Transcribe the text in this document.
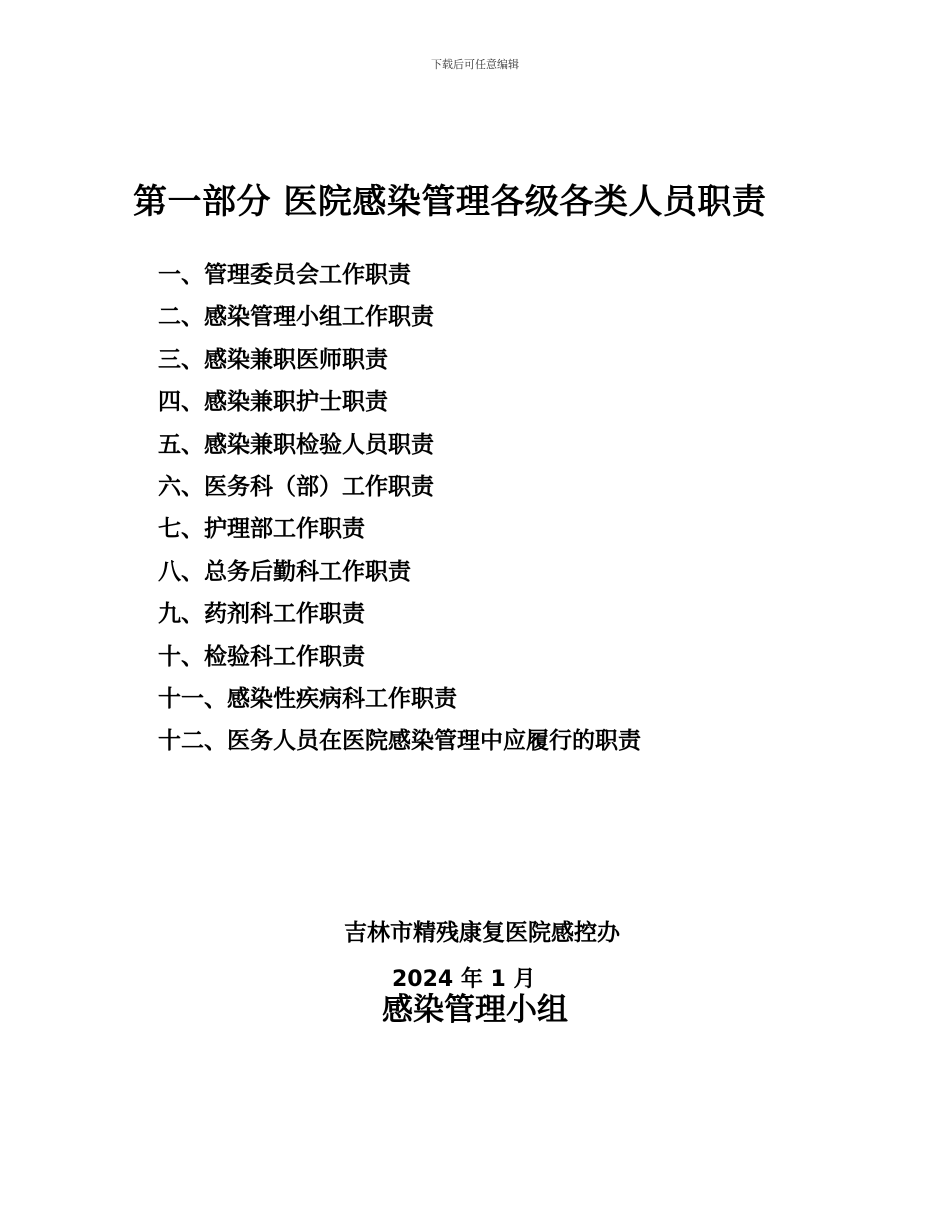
下载后可任意编辑
第一部分 医院感染管理各级各类人员职责
一、管理委员会工作职责
二、感染管理小组工作职责
三、感染兼职医师职责
四、感染兼职护士职责
五、感染兼职检验人员职责
六、医务科（部）工作职责
七、护理部工作职责
八、总务后勤科工作职责
九、药剂科工作职责
十、检验科工作职责
十一、感染性疾病科工作职责
十二、医务人员在医院感染管理中应履行的职责
吉林市精残康复医院感控办
2024 年 1 月
感染管理小组
